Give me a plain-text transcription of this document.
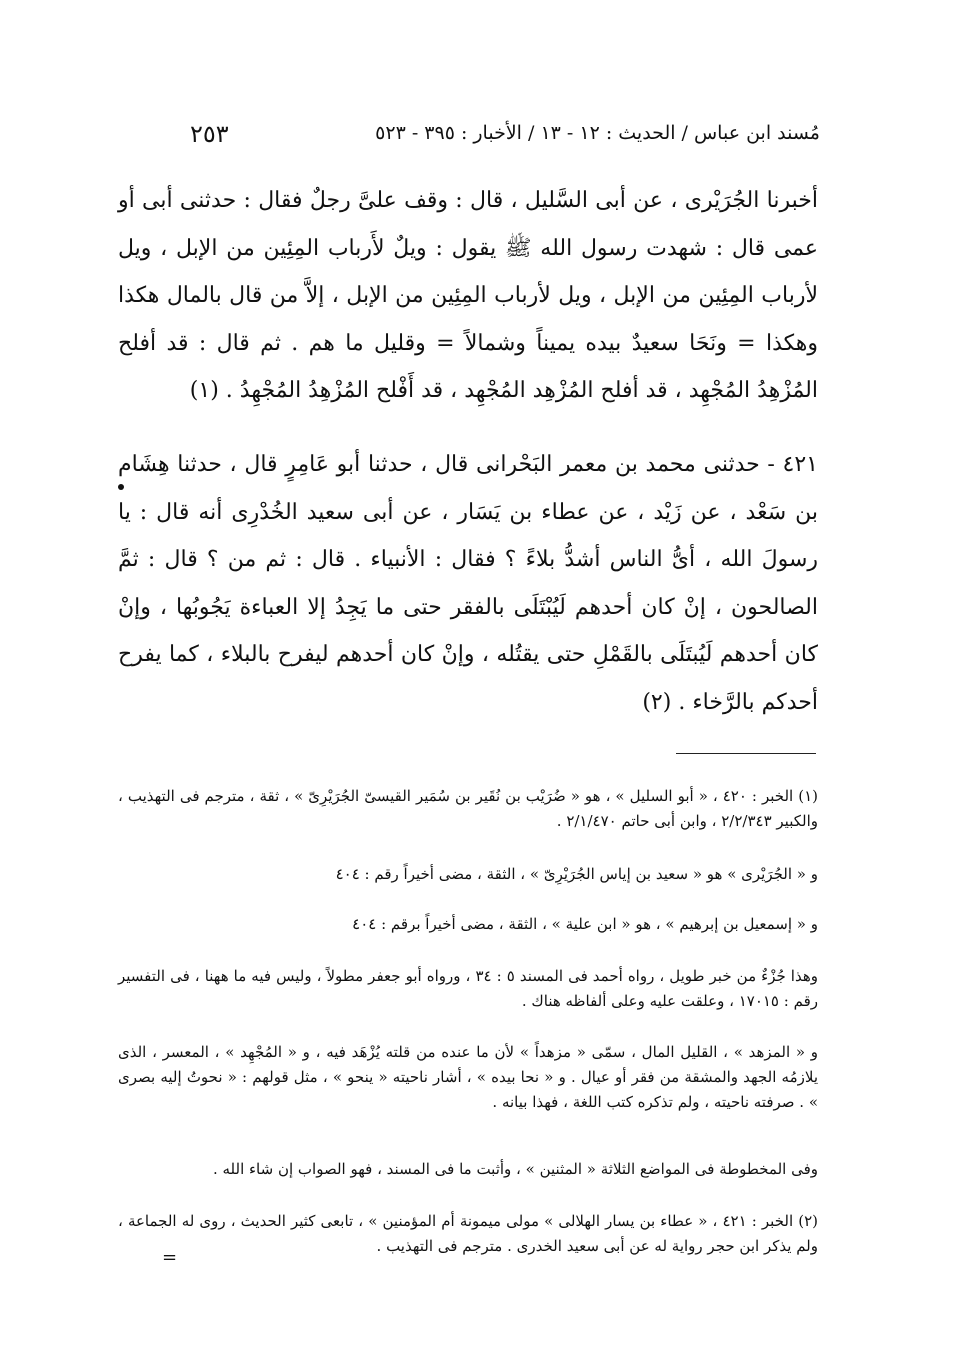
٢٥٣	مُسند ابن عباس / الحديث : ١٢ - ١٣ / الأخبار : ٣٩٥ - ٥٢٣

أخبرنا الجُرَيْرى ، عن أبى السَّليل ، قال : وقف علىَّ رجلٌ فقال : حدثنى أبى أو عمى قال : شهدت رسول الله ﷺ يقول : ويلٌ لأَرباب المِئِين من الإبل ، ويل لأرباب المِئِين من الإبل ، ويل لأرباب المِئِين من الإبل ، إلاَّ من قال بالمال هكذا وهكذا = ونَحَا سعيدٌ بيده يميناً وشمالاً = وقليل ما هم . ثم قال : قد أفلح المُزْهِدُ المُجْهِد ، قد أفلح المُزْهِد المُجْهِد ، قد أَفْلح المُزْهِدُ المُجْهِدُ . (١)

٤٢١ - حدثنى محمد بن معمر البَحْرانى قال ، حدثنا أبو عَامِرٍ قال ، حدثنا هِشَام بن سَعْد ، عن زَيْد ، عن عطاء بن يَسَار ، عن أبى سعيد الخُدْرِى أنه قال : يا رسولَ الله ، أىُّ الناس أشدُّ بلاءً ؟ فقال : الأنبياء . قال : ثم من ؟ قال : ثمَّ الصالحون ، إنْ كان أحدهم لَيُبْتَلَى بالفقر حتى ما يَجِدُ إلا العباءة يَجُوبُها ، وإنْ كان أحدهم لَيُبتَلَى بالقَمْلِ حتى يقتُله ، وإنْ كان أحدهم ليفرح بالبلاء ، كما يفرح أحدكم بالرَّخاء . (٢)

(١) الخبر : ٤٢٠ ، « أبو السليل » ، هو « ضُرَيْب بن نُقَير بن سُمَير القيسىّ الجُرَيْرِىّ » ، ثقة ، مترجم فى التهذيب ، والكبير ٢/٢/٣٤٣ ، وابن أبى حاتم ٢/١/٤٧٠ .

و « الجُرَيْرى » هو « سعيد بن إياس الجُرَيْرِىّ » ، الثقة ، مضى أخيراً رقم : ٤٠٤

و « إسمعيل بن إبرهيم » ، هو « ابن علية » ، الثقة ، مضى أخيراً برقم : ٤٠٤

وهذا جُزْءٌ من خبر طويل ، رواه أحمد فى المسند ٥ : ٣٤ ، ورواه أبو جعفر مطولاً ، وليس فيه ما ههنا ، فى التفسير رقم : ١٧٠١٥ ، وعلقت عليه وعلى ألفاظه هناك .

و « المزهد » ، القليل المال ، سمّى « مزهداً » لأن ما عنده من قلته يُزْهَد فيه ، و « المُجْهِد » ، المعسر ، الذى يلازمُه الجهد والمشقة من فقر أو عيال . و « نحا بيده » ، أشار ناحيته « ينحو » ، مثل قولهم : « نحوتُ إليه بصرى » . صرفته ناحيته ، ولم تذكره كتب اللغة ، فهذا بيانه .

وفى المخطوطة فى المواضع الثلاثة « المثنين » ، وأثبت ما فى المسند ، فهو الصواب إن شاء الله .

(٢) الخبر : ٤٢١ ، « عطاء بن يسار الهلالى » مولى ميمونة أم المؤمنين » ، تابعى كثير الحديث ، روى له الجماعة ، ولم يذكر ابن حجر رواية له عن أبى سعيد الخدرى . مترجم فى التهذيب .

=
